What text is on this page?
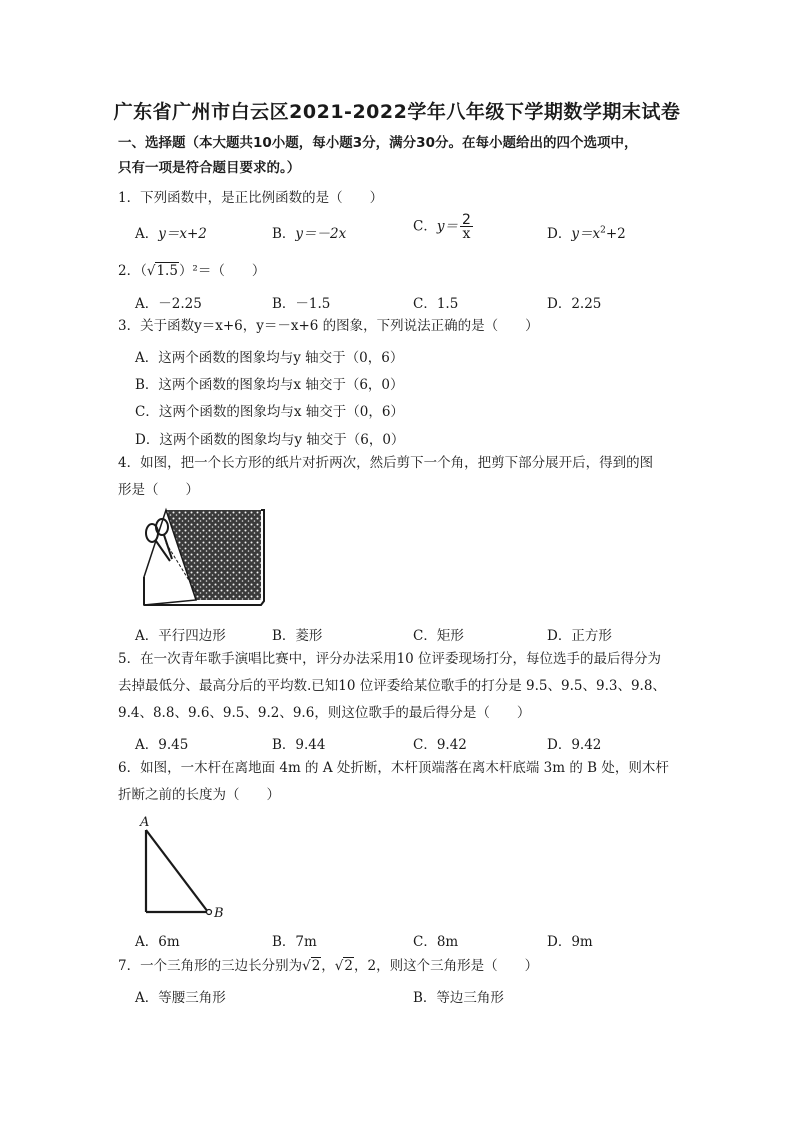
广东省广州市白云区2021-2022学年八年级下学期数学期末试卷
一、选择题（本大题共10小题，每小题3分，满分30分。在每小题给出的四个选项中，
只有一项是符合题目要求的。）
1．下列函数中，是正比例函数的是（　　）
A．y＝x+2	B．y＝－2x	C．$y= \frac{2}{x}$	D．$y=x^2+2$
2．（√1.5）²＝（　　）
A．－2.25	B．－1.5	C．1.5	D．2.25
3．关于函数y＝x+6，y＝－x+6 的图象，下列说法正确的是（　　）
A．这两个函数的图象均与y 轴交于（0，6）
B．这两个函数的图象均与x 轴交于（6，0）
C．这两个函数的图象均与x 轴交于（0，6）
D．这两个函数的图象均与y 轴交于（6，0）
4．如图，把一个长方形的纸片对折两次，然后剪下一个角，把剪下部分展开后，得到的图
形是（　　）
A．平行四边形	B．菱形	C．矩形	D．正方形
5．在一次青年歌手演唱比赛中，评分办法采用10 位评委现场打分，每位选手的最后得分为
去掉最低分、最高分后的平均数.已知10 位评委给某位歌手的打分是 9.5、9.5、9.3、9.8、
9.4、8.8、9.6、9.5、9.2、9.6，则这位歌手的最后得分是（　　）
A．9.45	B．9.44	C．9.42	D．9.42
6．如图，一木杆在离地面 4m 的 A 处折断，木杆顶端落在离木杆底端 3m 的 B 处，则木杆
折断之前的长度为（　　）
A
B
A．6m	B．7m	C．8m	D．9m
7．一个三角形的三边长分别为√2，√2，2，则这个三角形是（　　）
A．等腰三角形	B．等边三角形
